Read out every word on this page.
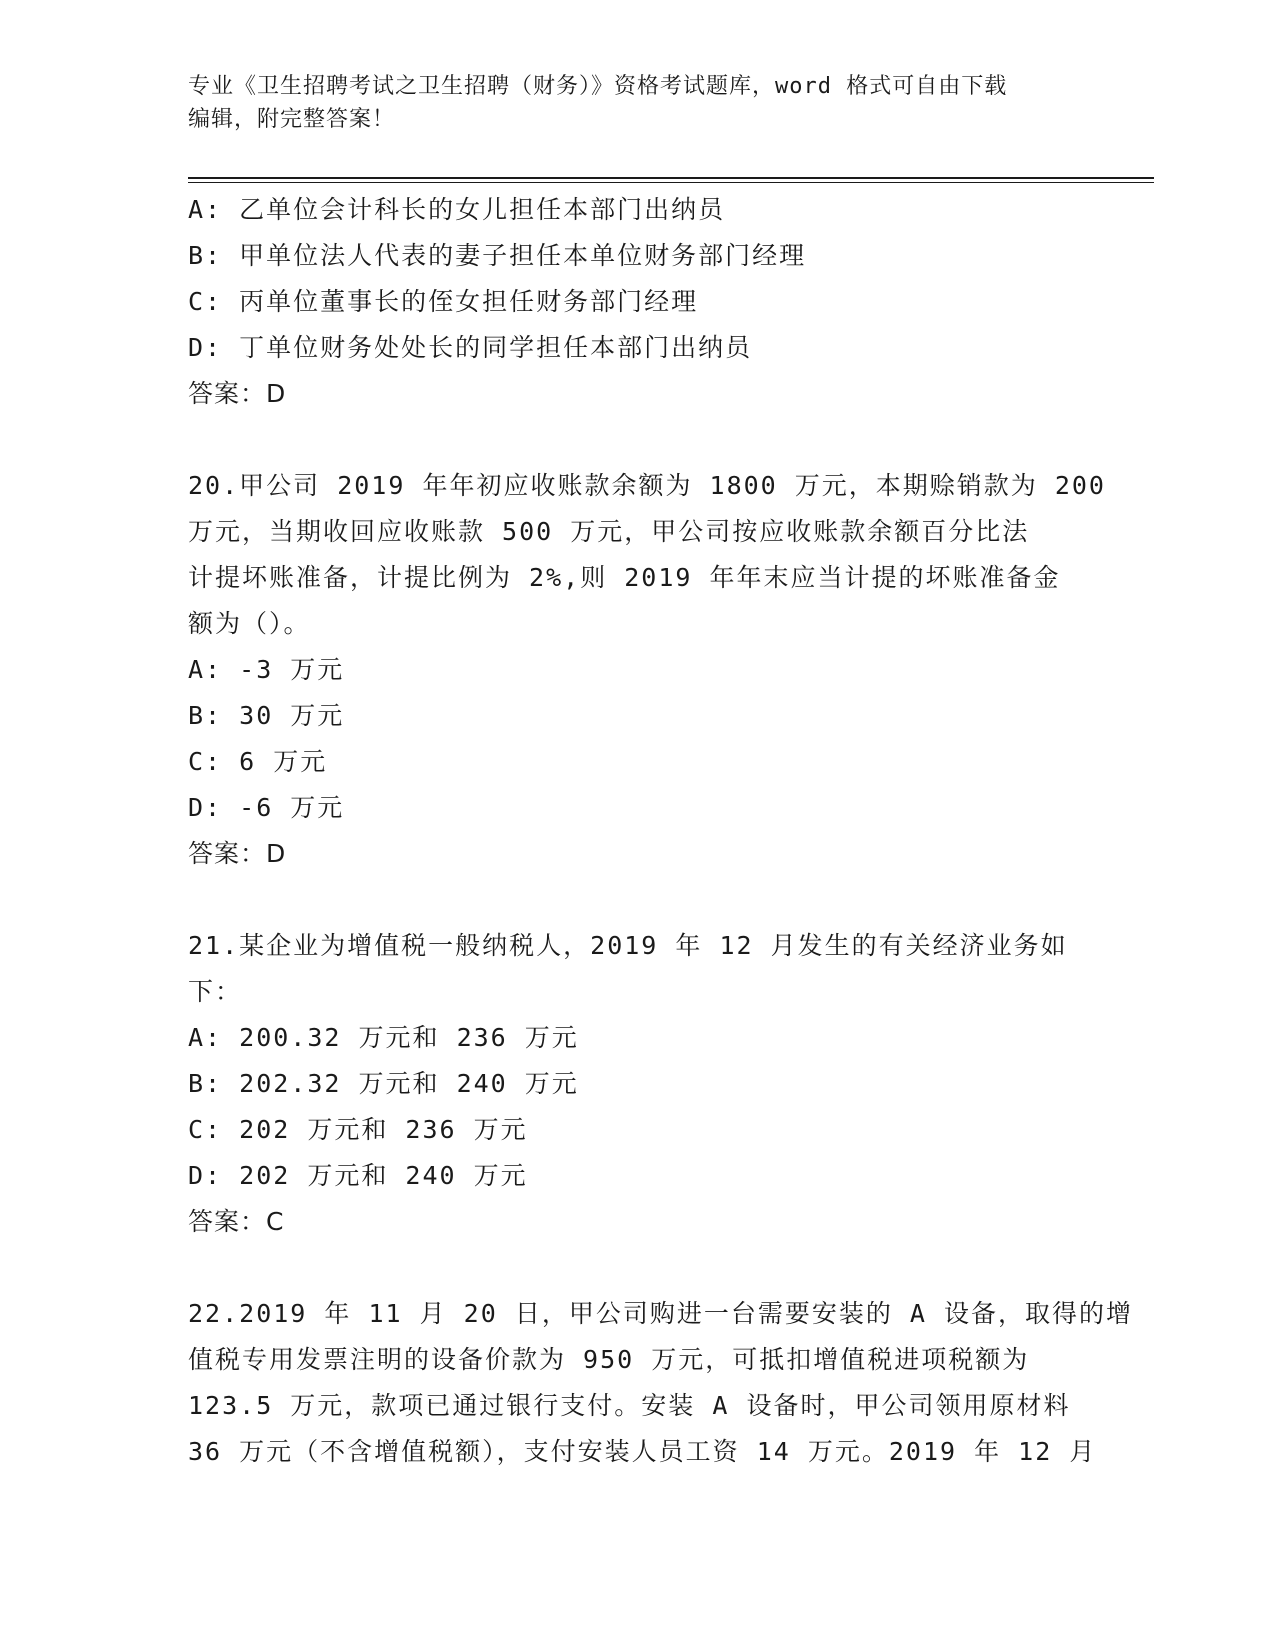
专业《卫生招聘考试之卫生招聘（财务）》资格考试题库，word 格式可自由下载
编辑，附完整答案！
A: 乙单位会计科长的女儿担任本部门出纳员
B: 甲单位法人代表的妻子担任本单位财务部门经理
C: 丙单位董事长的侄女担任财务部门经理
D: 丁单位财务处处长的同学担任本部门出纳员
答案：D
20.甲公司 2019 年年初应收账款余额为 1800 万元，本期赊销款为 200
万元，当期收回应收账款 500 万元，甲公司按应收账款余额百分比法
计提坏账准备，计提比例为 2%,则 2019 年年末应当计提的坏账准备金
额为（）。
A: -3 万元
B: 30 万元
C: 6 万元
D: -6 万元
答案：D
21.某企业为增值税一般纳税人，2019 年 12 月发生的有关经济业务如
下：
A: 200.32 万元和 236 万元
B: 202.32 万元和 240 万元
C: 202 万元和 236 万元
D: 202 万元和 240 万元
答案：C
22.2019 年 11 月 20 日，甲公司购进一台需要安装的 A 设备，取得的增
值税专用发票注明的设备价款为 950 万元，可抵扣增值税进项税额为
123.5 万元，款项已通过银行支付。安装 A 设备时，甲公司领用原材料
36 万元（不含增值税额），支付安装人员工资 14 万元。2019 年 12 月
